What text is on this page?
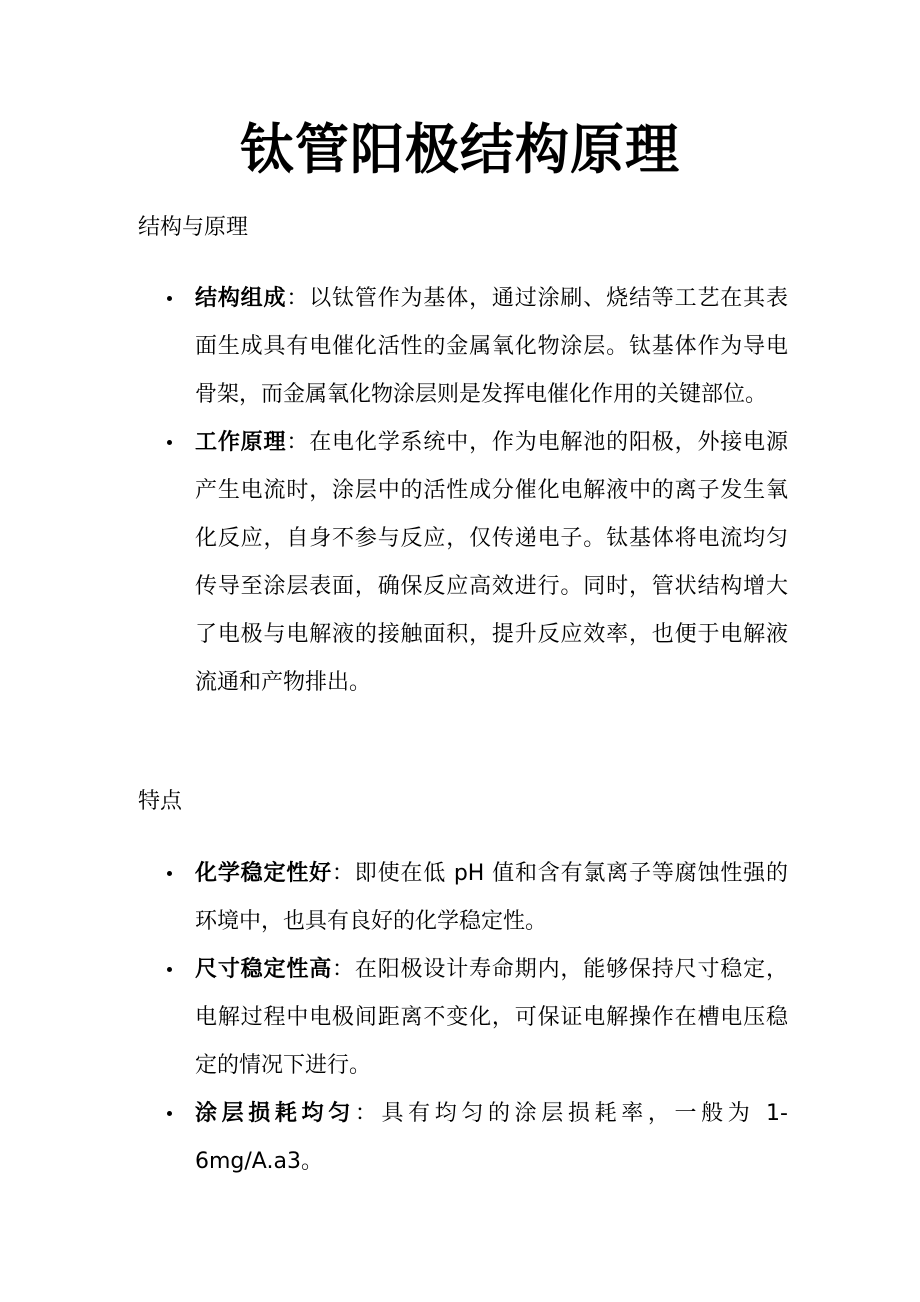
钛管阳极结构原理
结构与原理
结构组成：以钛管作为基体，通过涂刷、烧结等工艺在其表面生成具有电催化活性的金属氧化物涂层。钛基体作为导电骨架，而金属氧化物涂层则是发挥电催化作用的关键部位。
工作原理：在电化学系统中，作为电解池的阳极，外接电源产生电流时，涂层中的活性成分催化电解液中的离子发生氧化反应，自身不参与反应，仅传递电子。钛基体将电流均匀传导至涂层表面，确保反应高效进行。同时，管状结构增大了电极与电解液的接触面积，提升反应效率，也便于电解液流通和产物排出。
特点
化学稳定性好：即使在低 pH 值和含有氯离子等腐蚀性强的环境中，也具有良好的化学稳定性。
尺寸稳定性高：在阳极设计寿命期内，能够保持尺寸稳定，电解过程中电极间距离不变化，可保证电解操作在槽电压稳定的情况下进行。
涂层损耗均匀：具有均匀的涂层损耗率，一般为 1-6mg/A.a3。
